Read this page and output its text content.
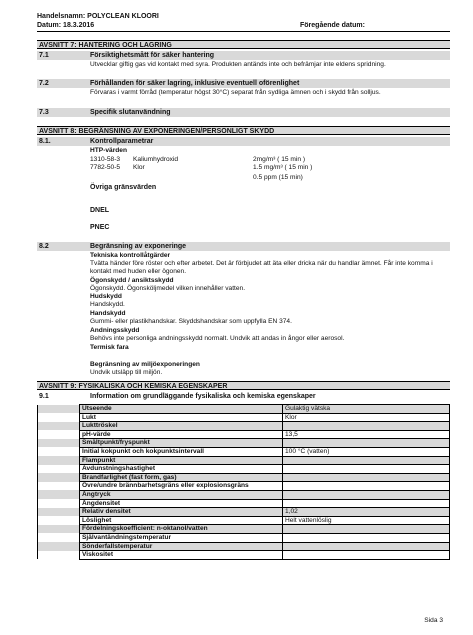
Handelsnamn: POLYCLEAN KLOORI
Datum: 18.3.2016	Föregående datum:
AVSNITT 7: HANTERING OCH LAGRING
7.1	Försiktighetsmått för säker hantering
Utvecklar giftig gas vid kontakt med syra. Produkten antänds inte och befrämjar inte eldens spridning.
7.2	Förhållanden för säker lagring, inklusive eventuell oförenlighet
Förvaras i varmt förråd (temperatur högst 30°C) separat från sydliga ämnen och i skydd från solljus.
7.3	Specifik slutanvändning
AVSNITT 8: BEGRÄNSNING AV EXPONERINGEN/PERSONLIGT SKYDD
8.1.	Kontrollparametrar
HTP-värden
1310-58-3 Kaliumhydroxid	2mg/m³ ( 15 min )
7782-50-5 Klor	1.5 mg/m³ ( 15 min )
0.5 ppm (15 min)
Övriga gränsvärden
DNEL
PNEC
8.2	Begränsning av exponeringe
Tekniska kontrollåtgärder
Tvätta händer före röster och efter arbetet. Det är förbjudet att äta eller dricka när du handlar ämnet. Får inte komma i kontakt med huden eller ögonen.
Ögonskydd / ansiktsskydd
Ögonskydd. Ögonsköljmedel vilken innehåller vatten.
Hudskydd
Handskydd.
Handskydd
Gummi- eller plastikhandskar. Skyddshandskar som uppfylla EN 374.
Andningsskydd
Behövs inte personliga andningsskydd normalt. Undvik att andas in ångor eller aerosol.
Termisk fara
Begränsning av miljöexponeringen
Undvik utsläpp till miljön.
AVSNITT 9: FYSIKALISKA OCH KEMISKA EGENSKAPER
9.1	Information om grundläggande fysikaliska och kemiska egenskaper
	Utseende	Gulaktig vätska
	Lukt	Klor
	Lukttröskel	
	pH-värde	13,5
	Smältpunkt/fryspunkt	
	Initial kokpunkt och kokpunktsintervall	100 °C (vatten)
	Flampunkt	
	Avdunstningshastighet	
	Brandfarlighet (fast form, gas)	
	Övre/undre brännbarhetsgräns eller explosionsgräns	
	Ångtryck	
	Ångdensitet	
	Relativ densitet	1,02
	Löslighet	Helt vattenlöslig
	Fördelningskoefficient: n-oktanol/vatten	
	Självantändningstemperatur	
	Sönderfallstemperatur	
	Viskositet	
Sida 3
